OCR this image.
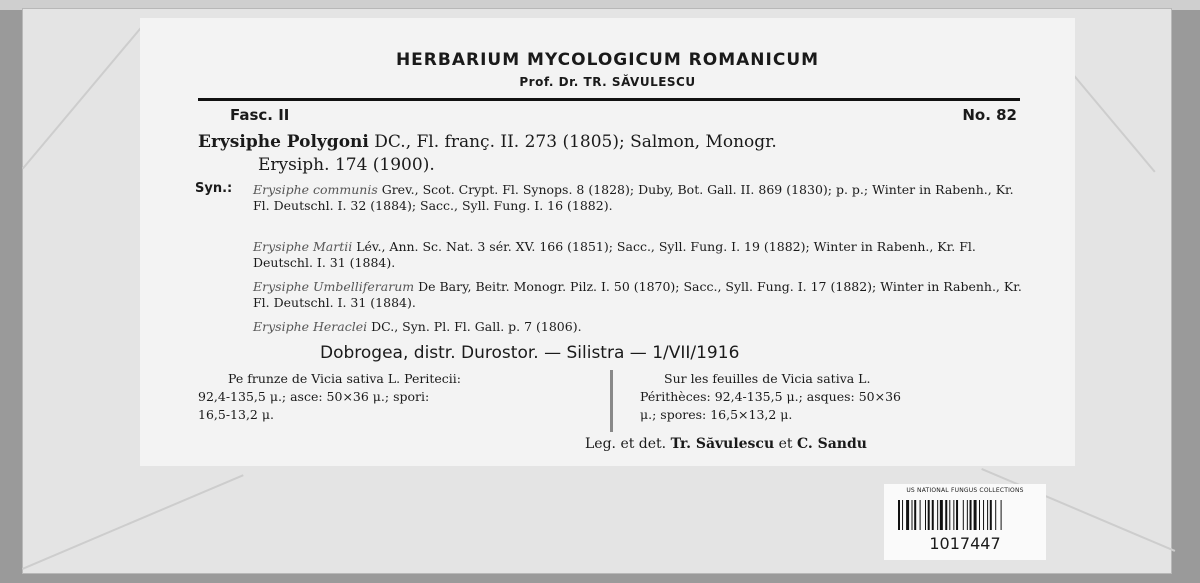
HERBARIUM MYCOLOGICUM ROMANICUM
Prof. Dr. TR. SĂVULESCU
Fasc. II	No. 82
Erysiphe Polygoni DC., Fl. franç. II. 273 (1805); Salmon, Monogr.
Erysiph. 174 (1900).
Syn.: Erysiphe communis Grev., Scot. Crypt. Fl. Synops. 8 (1828); Duby, Bot. Gall. II. 869 (1830); p. p.; Winter in Rabenh., Kr. Fl. Deutschl. I. 32 (1884); Sacc., Syll. Fung. I. 16 (1882).
Erysiphe Martii Lév., Ann. Sc. Nat. 3 sér. XV. 166 (1851); Sacc., Syll. Fung. I. 19 (1882); Winter in Rabenh., Kr. Fl. Deutschl. I. 31 (1884).
Erysiphe Umbelliferarum De Bary, Beitr. Monogr. Pilz. I. 50 (1870); Sacc., Syll. Fung. I. 17 (1882); Winter in Rabenh., Kr. Fl. Deutschl. I. 31 (1884).
Erysiphe Heraclei DC., Syn. Pl. Fl. Gall. p. 7 (1806).
Dobrogea, distr. Durostor. — Silistra — 1/VII/1916
Pe frunze de Vicia sativa L. Peritecii:
92,4-135,5 μ.; asce: 50×36 μ.; spori:
16,5-13,2 μ.
Sur les feuilles de Vicia sativa L.
Périthèces: 92,4-135,5 μ.; asques: 50×36
μ.; spores: 16,5×13,2 μ.
Leg. et det. Tr. Săvulescu et C. Sandu
US NATIONAL FUNGUS COLLECTIONS
1017447
